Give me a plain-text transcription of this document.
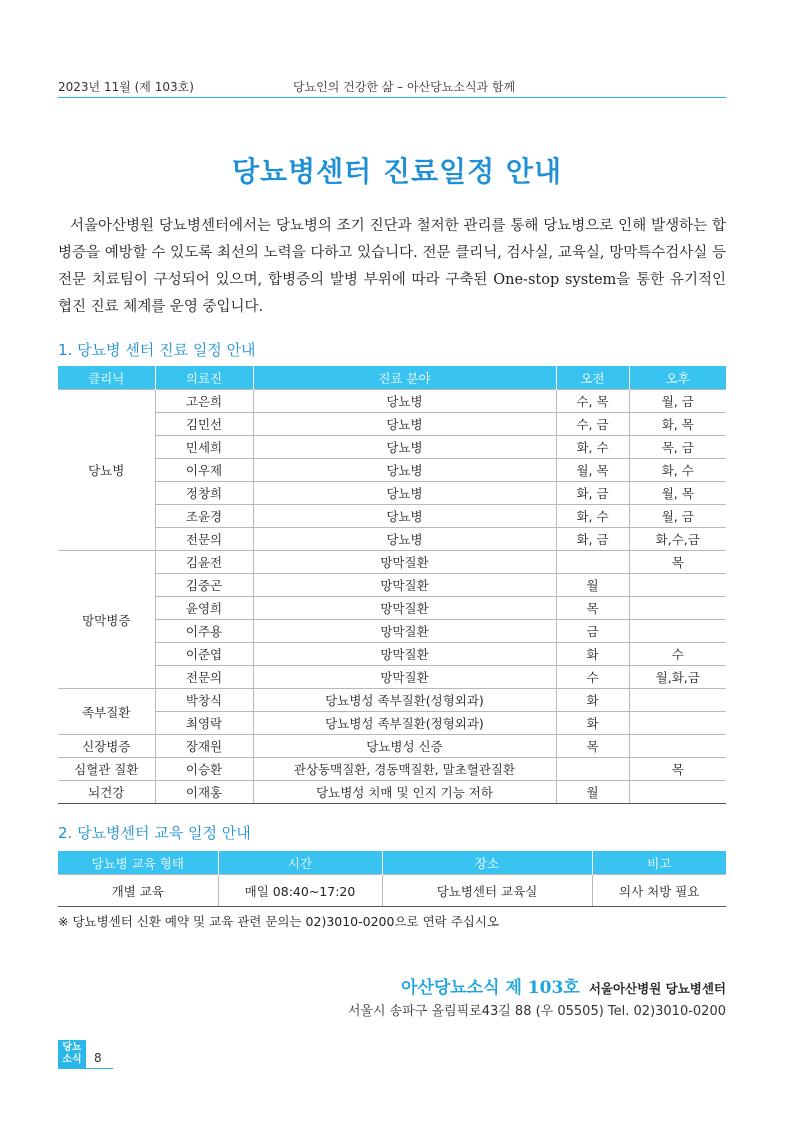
2023년 11월 (제 103호)	당뇨인의 건강한 삶 – 아산당뇨소식과 함께
당뇨병센터 진료일정 안내
서울아산병원 당뇨병센터에서는 당뇨병의 조기 진단과 철저한 관리를 통해 당뇨병으로 인해 발생하는 합병증을 예방할 수 있도록 최선의 노력을 다하고 있습니다. 전문 클리닉, 검사실, 교육실, 망막특수검사실 등 전문 치료팀이 구성되어 있으며, 합병증의 발병 부위에 따라 구축된 One-stop system을 통한 유기적인 협진 진료 체계를 운영 중입니다.
1. 당뇨병 센터 진료 일정 안내
클리닉	의료진	진료 분야	오전	오후
당뇨병	고은희	당뇨병	수, 목	월, 금
	김민선	당뇨병	수, 금	화, 목
	민세희	당뇨병	화, 수	목, 금
	이우제	당뇨병	월, 목	화, 수
	정창희	당뇨병	화, 금	월, 목
	조윤경	당뇨병	화, 수	월, 금
	전문의	당뇨병	화, 금	화,수,금
망막병증	김윤전	망막질환		목
	김중곤	망막질환	월	
	윤영희	망막질환	목	
	이주용	망막질환	금	
	이준엽	망막질환	화	수
	전문의	망막질환	수	월,화,금
족부질환	박창식	당뇨병성 족부질환(성형외과)	화	
	최영락	당뇨병성 족부질환(정형외과)	화	
신장병증	장재원	당뇨병성 신증	목	
심혈관 질환	이승환	관상동맥질환, 경동맥질환, 말초혈관질환		목
뇌건강	이재홍	당뇨병성 치매 및 인지 기능 저하	월	
2. 당뇨병센터 교육 일정 안내
당뇨병 교육 형태	시간	장소	비고
개별 교육	매일 08:40~17:20	당뇨병센터 교육실	의사 처방 필요
※ 당뇨병센터 신환 예약 및 교육 관련 문의는 02)3010-0200으로 연락 주십시오
아산당뇨소식 제 103호 서울아산병원 당뇨병센터
서울시 송파구 올림픽로43길 88 (우 05505) Tel. 02)3010-0200
당뇨
소식	8
